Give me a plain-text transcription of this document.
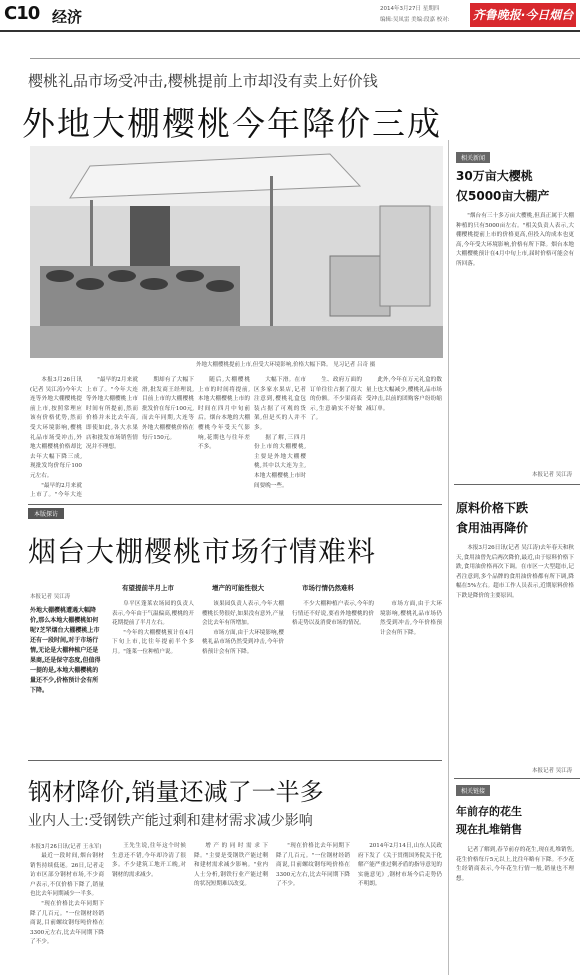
C10 经济	2014年3月27日 星期四
编辑:吴凤雷 美编:段嘉 校对: 齐鲁晚报·今日烟台
樱桃礼品市场受冲击,樱桃提前上市却没有卖上好价钱
外地大棚樱桃今年降价三成
外地大棚樱桃提前上市,但受大环境影响,价格大幅下降。 见习记者 吕奇 摄

本报3月26日讯(记者 吴江涛)今年大连等外地大棚樱桃提前上市,按照常理应该有价格优势,然而受大环境影响,樱桃礼品市场受冲击,外地大棚樱桃价格却比去年大幅下降三成,现批发均价每斤100元左右。

"最早的2月来就上市了。"今年大连

"最早的2月来就上市了。"今年大连等外地大棚樱桃上市时间有所提前,然而价格并未比去年高,即使如此,各大水果店和批发市场销售情况并不理想。

期却有了大幅下滑,批发商王经理说,目前上市的大棚樱桃批发价在每斤100元,而去年同期,大连等外地大棚樱桃价格在每斤150元。

随后,大棚樱桃上市的时间将提前,本地大棚樱桃上市的时间在四月中旬前后。烟台本地的大棚樱桃今年受天气影响,花期也与往年差不多。

大幅下滑。在市区多家水果店,记者注意到,樱桃礼盒包装占据了可观的货架,但是买的人并不多。

据了解,三四月份上市的大棚樱桃,主要是外地大棚樱桃,其中以大连为主,本地大棚樱桃上市时间要晚一些。

生、政府万面的订单往往占据了很大的份额。不少果商表示,生意确实不好做了。

此外,今年在万元礼盒的数量上也大幅减少,樱桃礼品市场受冲击,以前的团购客户纷纷缩减订单。

相关新闻
30万亩大樱桃
仅5000亩大棚产

"烟台有三十多万亩大樱桃,但真正属于大棚种植的只有5000亩左右。"相关负责人表示,大棚樱桃提前上市的价格更高,但投入的成本也更高,今年受大环境影响,价格有所下降。烟台本地大棚樱桃预计在4月中旬上市,届时价格可能会有所回落。

本报记者 吴江涛
本版探访
烟台大棚樱桃市场行情难料
本报记者 吴江涛
外地大棚樱桃遭遇大幅降价,那么本地大棚樱桃如何呢?芝罘烟台大棚樱桃上市还有一段时间,对于市场行情,无论是大棚种植户还是果商,还是保守态度,但值得一提的是,本地大棚樱桃的量还不少,价格预计会有所下降。
有望提前半月上市	增产的可能性很大	市场行情仍然难料

阜平区蓬莱农场园的负责人表示,今年由于气温偏高,樱桃的开花期提前了半月左右。

"今年的大棚樱桃预计在4月下旬上市,比往年提前半个多月。"蓬莱一位种植户说。

该果园负责人表示,今年大棚樱桃长势很好,如果没有意外,产量会比去年有所增加。

市场方面,由于大环境影响,樱桃礼品市场仍然受到冲击,今年价格预计会有所下降。

不少大棚种植户表示,今年的行情还不好说,要看外地樱桃的价格走势以及消费市场的情况。

市场方面,由于大环境影响,樱桃礼品市场仍然受到冲击,今年价格预计会有所下降。

钢材降价,销量还减了一半多
业内人士:受钢铁产能过剩和建材需求减少影响
本报3月26日讯(记者 王永军)

最近一段时间,烟台钢材销售持续低迷。26日,记者走访市区部分钢材市场,不少商户表示,不仅价格下降了,销量也比去年同期减少一半多。

"现在价格比去年同期下降了几百元。"一位钢材经销商说,目前螺纹钢每吨价格在3300元左右,比去年同期下降了不少。

王先生说,往年这个时候生意还不错,今年却冷清了很多。不少建筑工地开工晚,对钢材的需求减少。

增产的同时需求下降。"主要是受钢铁产能过剩和建材需求减少影响。"业内人士分析,钢铁行业产能过剩的状况短期难以改变。

"现在价格比去年同期下降了几百元。"一位钢材经销商说,目前螺纹钢每吨价格在3300元左右,比去年同期下降了不少。

2014年2月14日,山东人民政府下发了《关于贯彻国务院关于化解产能严重过剩矛盾的指导意见的实施意见》,钢材市场今后走势仍不明朗。

原料价格下跌
食用油再降价

本报3月26日讯(记者 吴江涛)去年春天和秋天,食用油曾先后两次降价,最近,由于原料价格下跌,食用油价格再次下调。在市区一大型超市,记者注意到,多个品牌的食用油价格都有所下调,降幅在5%左右。超市工作人员表示,近期原料价格下跌是降价的主要原因。

本报记者 吴江涛
相关链接
年前存的花生
现在扎堆销售

记者了解到,春节前存的花生,现在扎堆销售,花生价格每斤5元以上,比往年略有下降。不少花生经销商表示,今年花生行情一般,销量也不理想。
